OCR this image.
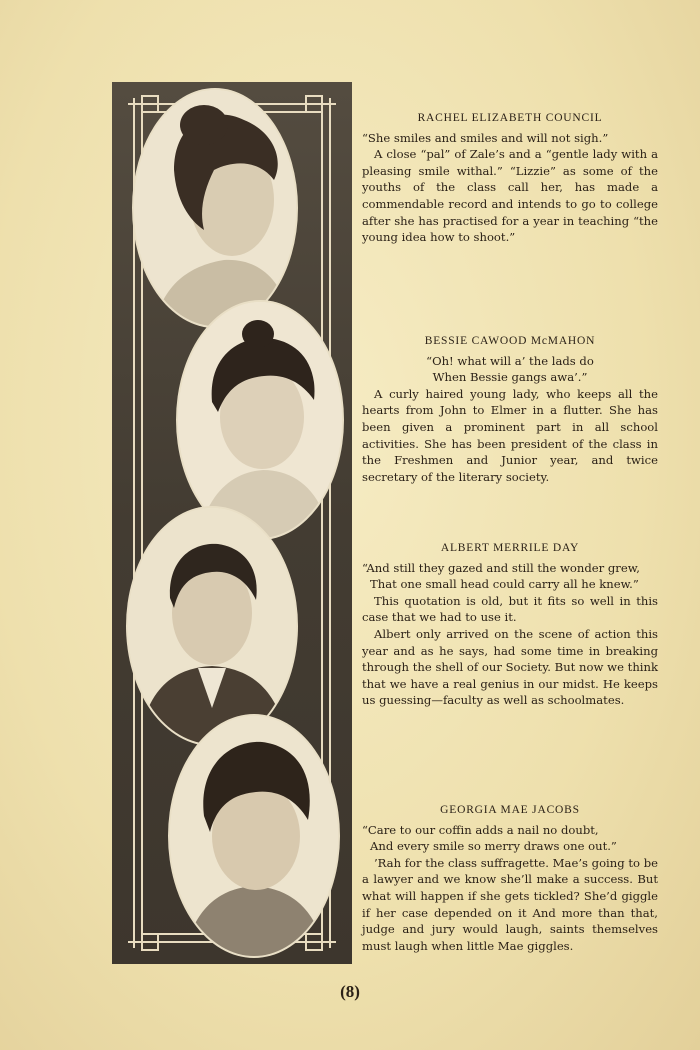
RACHEL ELIZABETH COUNCIL
“She smiles and smiles and will not sigh.”

A close “pal” of Zale’s and a “gentle lady with a pleasing smile withal.” “Lizzie” as some of the youths of the class call her, has made a commendable record and intends to go to college after she has practised for a year in teaching “the young idea how to shoot.”

BESSIE CAWOOD McMAHON
“Oh! what will a’ the lads do
When Bessie gangs awa’.”

A curly haired young lady, who keeps all the hearts from John to Elmer in a flutter. She has been given a prominent part in all school activities. She has been president of the class in the Freshmen and Junior year, and twice secretary of the literary society.

ALBERT MERRILE DAY
“And still they gazed and still the wonder grew,
That one small head could carry all he knew.”

This quotation is old, but it fits so well in this case that we had to use it.

Albert only arrived on the scene of action this year and as he says, had some time in breaking through the shell of our Society. But now we think that we have a real genius in our midst. He keeps us guessing—faculty as well as schoolmates.

GEORGIA MAE JACOBS
“Care to our coffin adds a nail no doubt,
And every smile so merry draws one out.”

’Rah for the class suffragette. Mae’s going to be a lawyer and we know she’ll make a success. But what will happen if she gets tickled? She’d giggle if her case depended on it And more than that, judge and jury would laugh, saints themselves must laugh when little Mae giggles.

(8)
